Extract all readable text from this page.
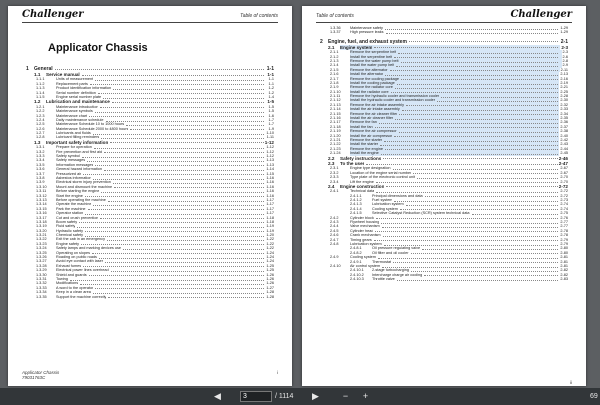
Challenger	Table of contents
Applicator Chassis
1 General	1-1
1.1 Service manual	1-1
1.1.1	Units of measurement	1-1
1.1.2	Replacement parts	1-1
1.1.3	Product identification information	1-2
1.1.4	Serial number definition	1-2
1.1.5	Engine serial number plate	1-4
1.2 Lubrication and maintenance	1-5
1.2.1	Maintenance introduction	1-5
1.2.2	Maintenance symbols	1-5
1.2.3	Maintenance chart	1-6
1.2.4	Daily maintenance schedule	1-7
1.2.5	Maintenance Schedule 10 to 1000 hours	1-7
1.2.6	Maintenance Schedule 2000 to 4800 hours	1-9
1.2.7	Lubricants and fluids	1-10
1.2.8	Lubricant filling reminders	1-11
1.3 Important safety information	1-12
1.3.1	Prepare for operation	1-12
1.3.2	Fire prevention and first aid	1-12
1.3.3	Safety symbol	1-12
1.3.4	Safety messages	1-13
1.3.5	Information messages	1-13
1.3.6	General hazard information	1-14
1.3.7	Pressurized air	1-15
1.3.8	Asbestos information	1-16
1.3.9	Electrical storm injury prevention	1-16
1.3.10 Mount and dismount the machine	1-16
1.3.11	Before starting the engine	1-16
1.3.12 Start the engine	1-16
1.3.13 Before operating the machine	1-17
1.3.14 Operate the machine	1-17
1.3.15 Park the machine	1-17
1.3.16 Operator station	1-17
1.3.17 Cut and crush prevention	1-18
1.3.18 Boom safety	1-18
1.3.19 Fluid safety	1-19
1.3.20 Hydraulic safety	1-19
1.3.21 Chemical safety	1-20
1.3.22 Exit the cab in an emergency	1-22
1.3.23 Engine safety	1-22
1.3.24 Safety lamps and marking devices use	1-22
1.3.25 Operating on slopes	1-24
1.3.26 Roading on public roads	1-24
1.3.27 Avoid eye contact with laser	1-24
1.3.28 Exhaust fumes	1-25
1.3.29 Electrical power lines overhead	1-25
1.3.30 Shield and guards	1-26
1.3.31 Towing	1-26
1.3.32 Modifications	1-26
1.3.33 A word to the operator	1-27
1.3.34 Keep in a clean area	1-28
1.3.35 Support the machine correctly	1-28
Applicator Chassis
79031763C
i
Table of contents	Challenger
1.3.36 Maintenance safety	1-29
1.3.37 High pressure leaks	1-29
2 Engine, fuel, and exhaust system	2-1
2.1 Engine system	2-3
2.1.1	Remove the serpentine belt	2-3
2.1.2	Install the serpentine belt	2-6
2.1.3	Remove the water pump belt	2-8
2.1.4	Install the water pump belt	2-9
2.1.5	Remove the alternator	2-11
2.1.6	Install the alternator	2-13
2.1.7	Remove the cooling package	2-16
2.1.8	Install the cooling package	2-19
2.1.9	Remove the radiator core	2-21
2.1.10 Install the radiator core	2-25
2.1.11	Remove the hydraulic cooler and transmission cooler	2-28
2.1.12 Install the hydraulic cooler and transmission cooler	2-30
2.1.13 Remove the air intake assembly	2-32
2.1.14 Install the air intake assembly	2-33
2.1.15 Remove the air cleaner filter	2-34
2.1.16 Install the air cleaner filter	2-35
2.1.17 Remove the fan	2-36
2.1.18 Install the fan	2-37
2.1.19 Remove the air compressor	2-38
2.1.20 Install the air compressor	2-40
2.1.21 Remove the starter	2-42
2.1.22 Install the starter	2-43
2.1.23 Remove the engine	2-44
2.1.24 Install the engine	2-45
2.2 Safety instructions	2-46
2.3 To the user	2-47
2.3.1	Engine type designation	2-67
2.3.2	Location of the engine serial number	2-67
2.3.3	Type plate of the electronic control unit	2-70
2.3.4	Lift the engine	2-70
2.4 Engine construction	2-72
2.4.1	Technical data	2-72
2.4.1.1	Principal dimensions and data	2-72
2.4.1.2	Fuel system	2-73
2.4.1.3	Lubrication system	2-74
2.4.1.4	Cooling system	2-74
2.4.1.5	Selective Catalyst Reduction (SCR) system technical data	2-75
2.4.2	Cylinder block	2-76
2.4.3	Flywheel housing	2-77
2.4.4	Valve mechanism	2-77
2.4.5	Cylinder head	2-78
2.4.6	Crank mechanism	2-78
2.4.7	Timing gears	2-79
2.4.8	Lubrication system	2-79
2.4.8.1	Oil pressure regulating valve	2-80
2.4.8.2	Oil filter and oil cooler	2-80
2.4.9	Cooling system	2-81
2.4.9.1	Thermostat	2-81
2.4.10 Air control system	2-81
2.4.10.1 2-stage turbocharging	2-82
2.4.10.2 Intercharge charge air cooling	2-82
2.4.10.3 Throttle valve	2-83
ii
◀
3	/ 1114 ▶	−	+	69
